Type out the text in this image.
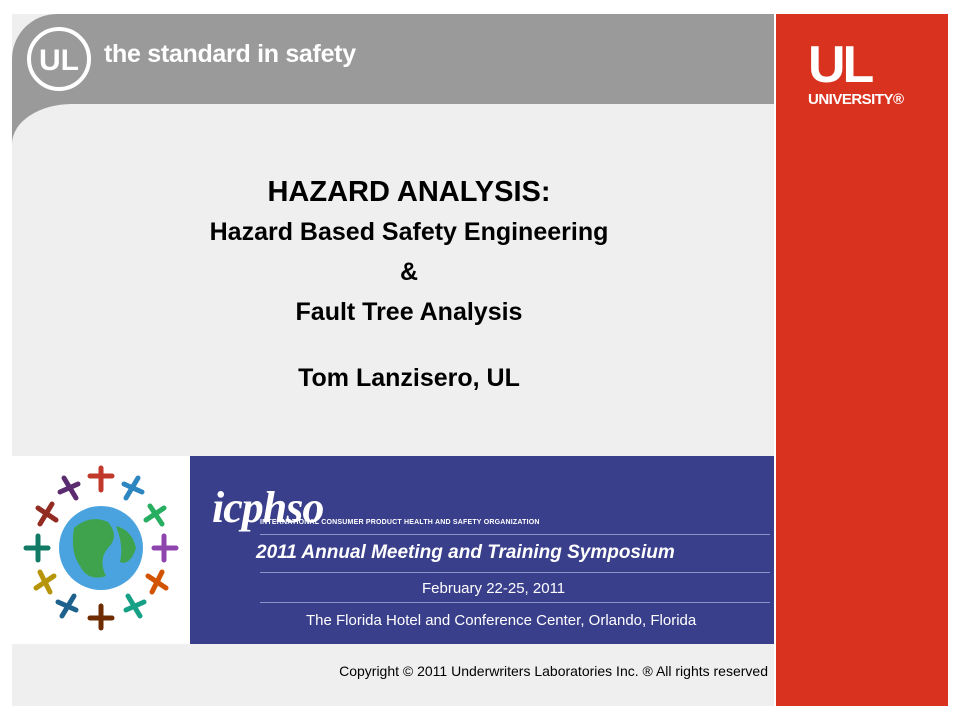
UL the standard in safety	UL
UNIVERSITY®
HAZARD ANALYSIS:
Hazard Based Safety Engineering
&
Fault Tree Analysis
Tom Lanzisero, UL
icphso
INTERNATIONAL CONSUMER PRODUCT HEALTH AND SAFETY ORGANIZATION
2011 Annual Meeting and Training Symposium
February 22-25, 2011
The Florida Hotel and Conference Center, Orlando, Florida
Copyright © 2011 Underwriters Laboratories Inc. ® All rights reserved
